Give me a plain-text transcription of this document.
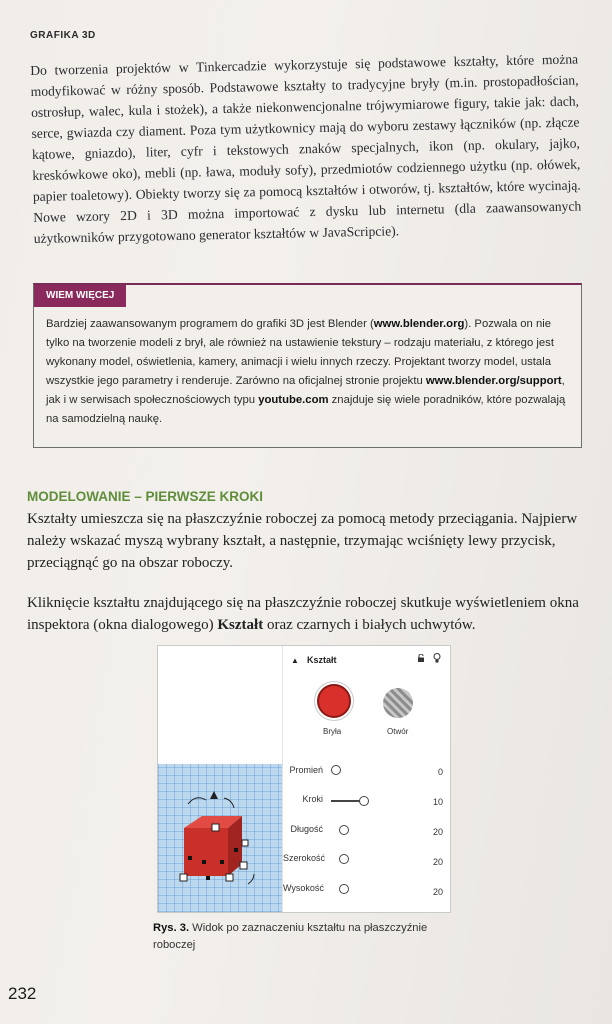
GRAFIKA 3D
Do tworzenia projektów w Tinkercadzie wykorzystuje się podstawowe kształty, które można modyfikować w różny sposób. Podstawowe kształty to tradycyjne bryły (m.in. prostopadłościan, ostrosłup, walec, kula i stożek), a także niekonwencjonalne trójwymiarowe figury, takie jak: dach, serce, gwiazda czy diament. Poza tym użytkownicy mają do wyboru zestawy łączników (np. złącze kątowe, gniazdo), liter, cyfr i tekstowych znaków specjalnych, ikon (np. okulary, jajko, kreskówkowe oko), mebli (np. ława, moduły sofy), przedmiotów codziennego użytku (np. ołówek, papier toaletowy). Obiekty tworzy się za pomocą kształtów i otworów, tj. kształtów, które wycinają. Nowe wzory 2D i 3D można importować z dysku lub internetu (dla zaawansowanych użytkowników przygotowano generator kształtów w JavaScripcie).
WIEM WIĘCEJ
Bardziej zaawansowanym programem do grafiki 3D jest Blender (www.blender.org). Pozwala on nie tylko na tworzenie modeli z brył, ale również na ustawienie tekstury – rodzaju materiału, z którego jest wykonany model, oświetlenia, kamery, animacji i wielu innych rzeczy. Projektant tworzy model, ustala wszystkie jego parametry i renderuje. Zarówno na oficjalnej stronie projektu www.blender.org/support, jak i w serwisach społecznościowych typu youtube.com znajduje się wiele poradników, które pozwalają na samodzielną naukę.
MODELOWANIE – PIERWSZE KROKI
Kształty umieszcza się na płaszczyźnie roboczej za pomocą metody przeciągania. Najpierw należy wskazać myszą wybrany kształt, a następnie, trzymając wciśnięty lewy przycisk, przeciągnąć go na obszar roboczy.
Kliknięcie kształtu znajdującego się na płaszczyźnie roboczej skutkuje wyświetleniem okna inspektora (okna dialogowego) Kształt oraz czarnych i białych uchwytów.
▲ Kształt
Bryła	Otwór
Promień	0
Kroki	10
Długość	20
Szerokość	20
Wysokość	20
Rys. 3. Widok po zaznaczeniu kształtu na płaszczyźnie roboczej
232
